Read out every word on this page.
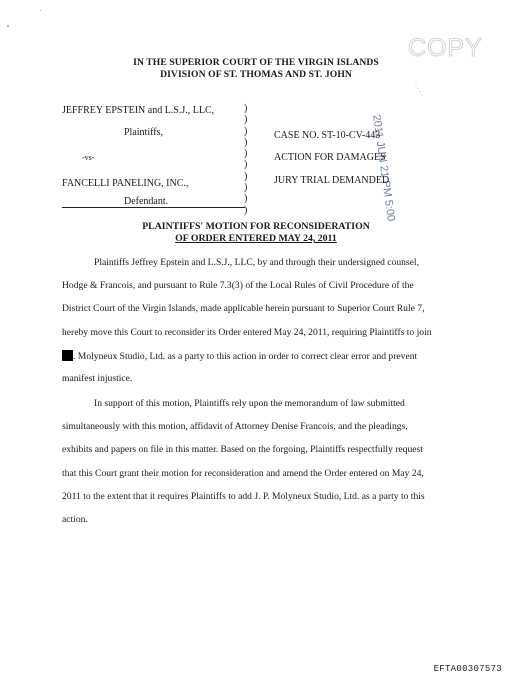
COPY
2011 JUN 21 PM 5:00
· · · · ·
IN THE SUPERIOR COURT OF THE VIRGIN ISLANDS
DIVISION OF ST. THOMAS AND ST. JOHN
JEFFREY EPSTEIN and L.S.J., LLC,
Plaintiffs,
-vs-
FANCELLI PANELING, INC.,
Defendant.
)
)
)
)
)
)
)
)
)
)
CASE NO. ST-10-CV-443
ACTION FOR DAMAGES
JURY TRIAL DEMANDED
PLAINTIFFS' MOTION FOR RECONSIDERATION
OF ORDER ENTERED MAY 24, 2011
Plaintiffs Jeffrey Epstein and L.S.J., LLC, by and through their undersigned counsel,
Hodge & Francois, and pursuant to Rule 7.3(3) of the Local Rules of Civil Procedure of the
District Court of the Virgin Islands, made applicable herein pursuant to Superior Court Rule 7,
hereby move this Court to reconsider its Order entered May 24, 2011, requiring Plaintiffs to join
. Molyneux Studio, Ltd. as a party to this action in order to correct clear error and prevent
manifest injustice.
In support of this motion, Plaintiffs rely upon the memorandum of law submitted
simultaneously with this motion, affidavit of Attorney Denise Francois, and the pleadings,
exhibits and papers on file in this matter. Based on the forgoing, Plaintiffs respectfully request
that this Court grant their motion for reconsideration and amend the Order entered on May 24,
2011 to the extent that it requires Plaintiffs to add J. P. Molyneux Studio, Ltd. as a party to this
action.
EFTA00307573
